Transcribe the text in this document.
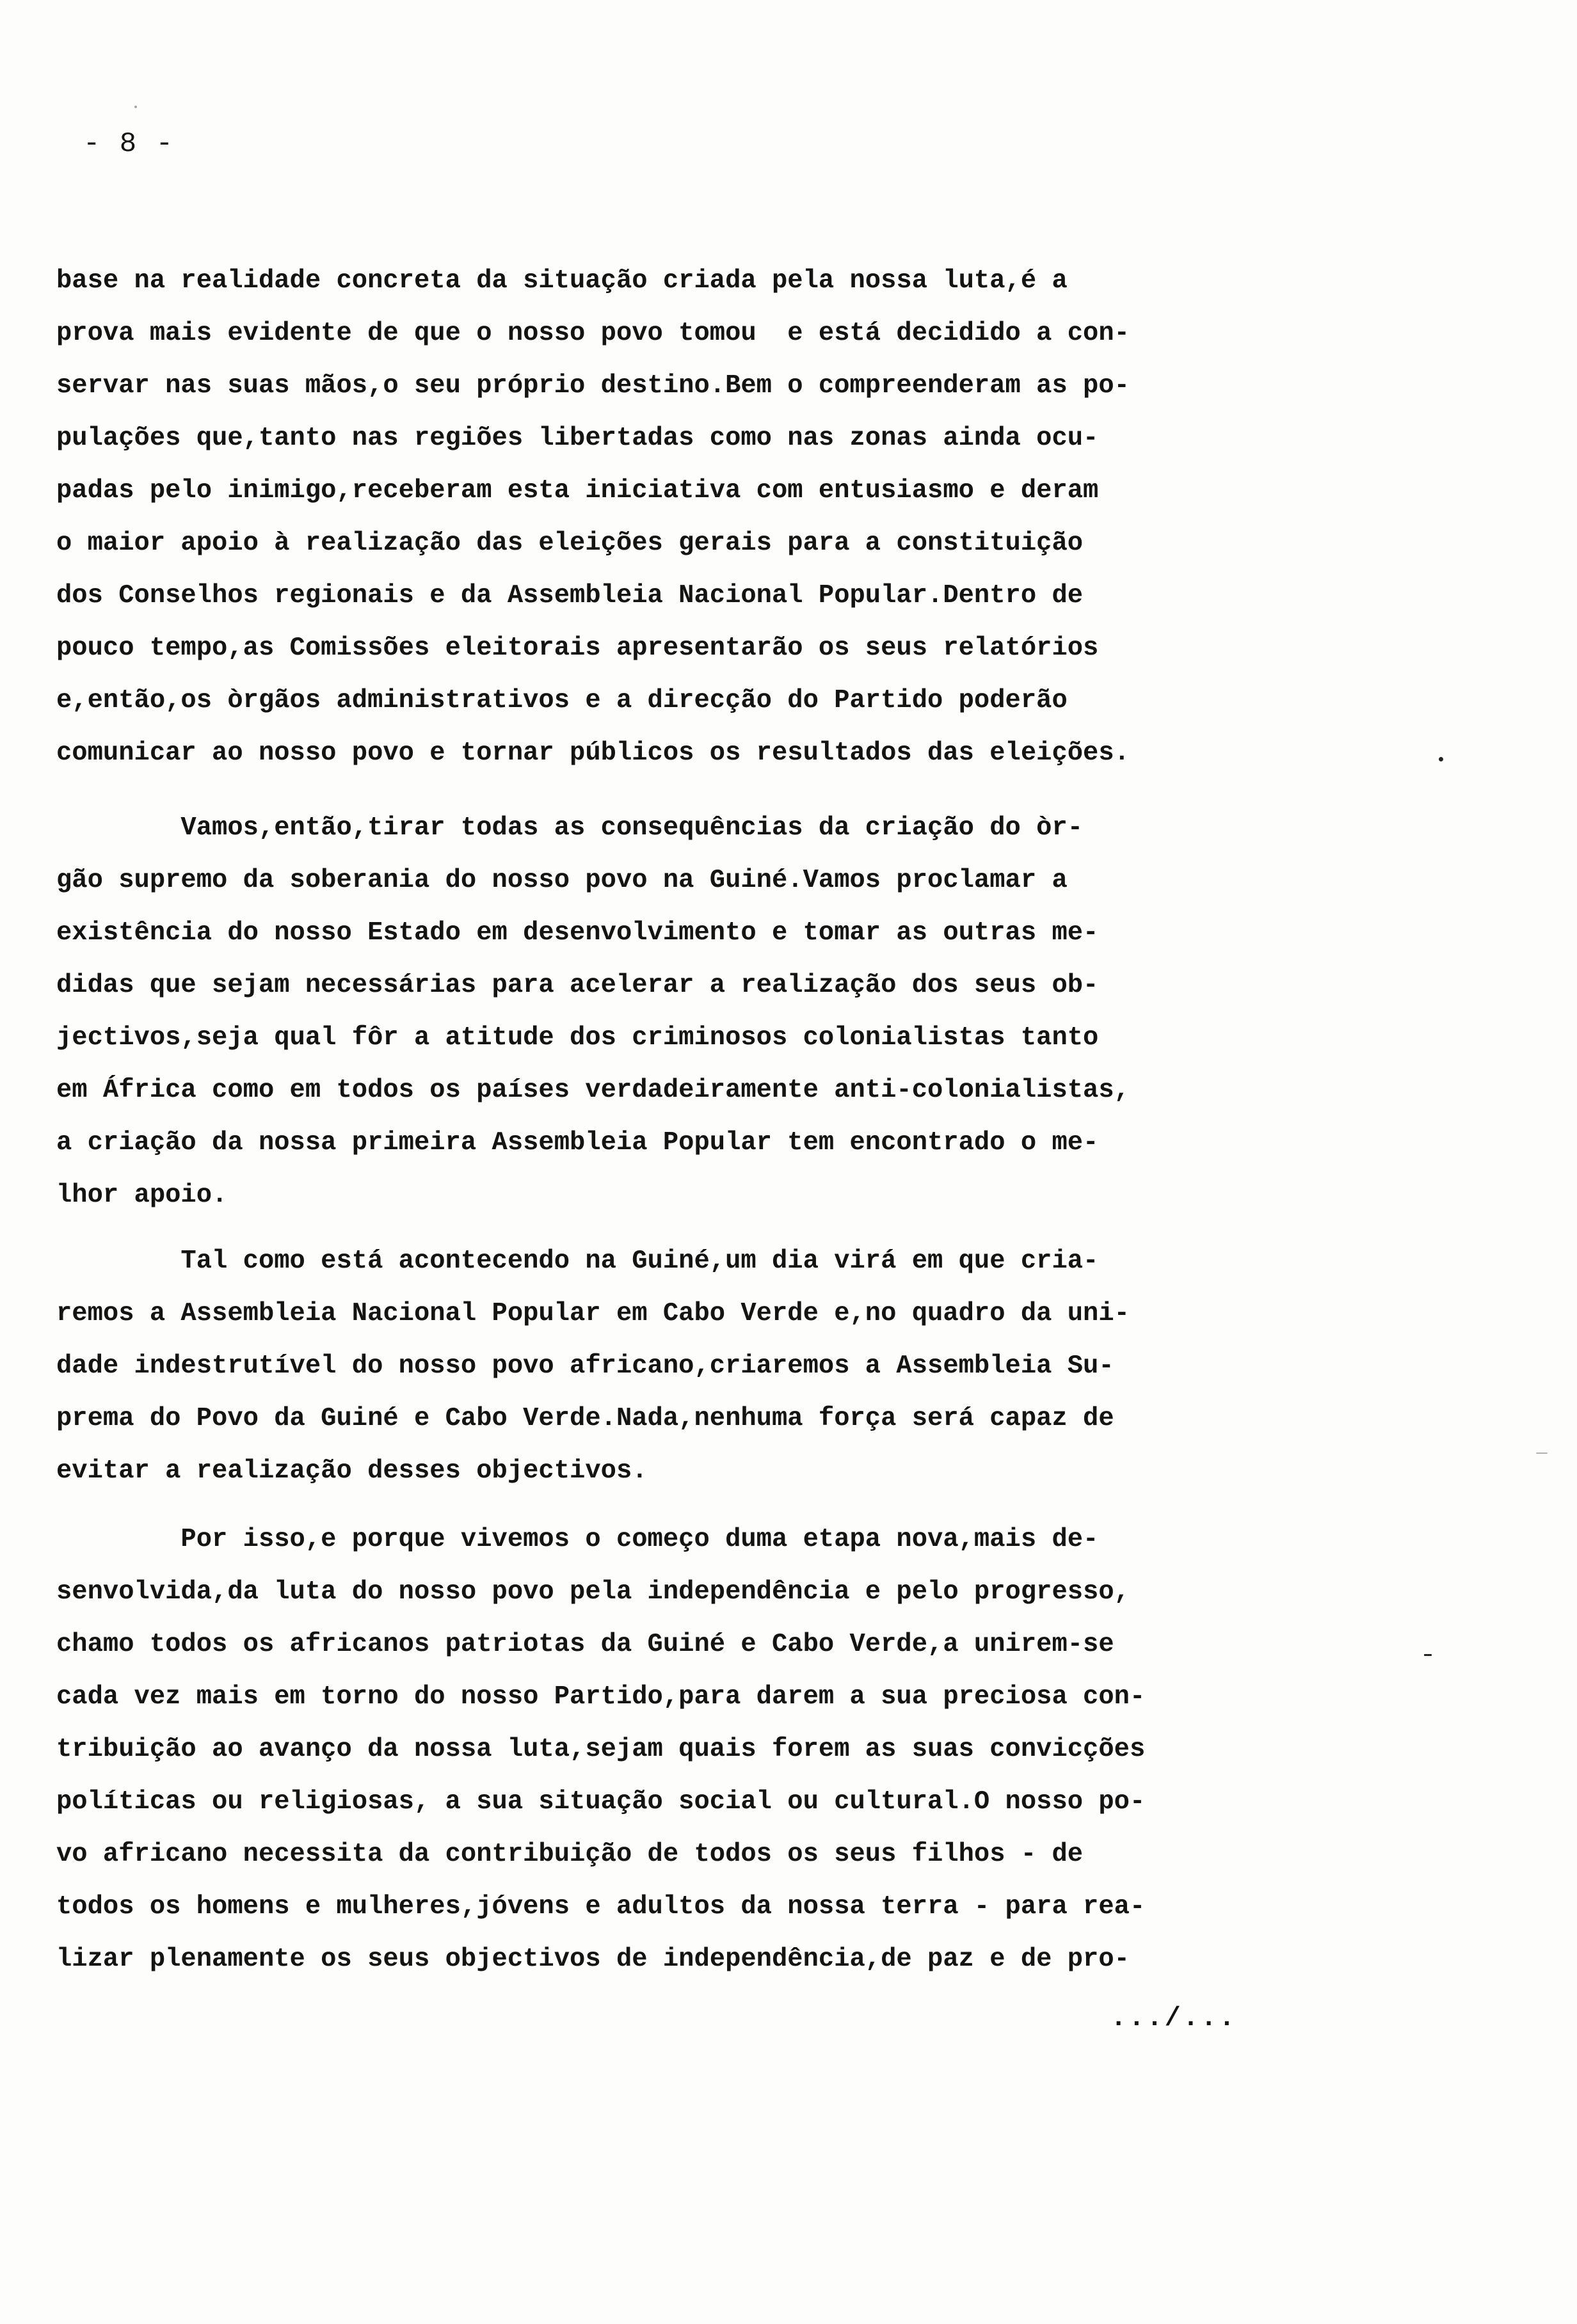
- 8 -
base na realidade concreta da situação criada pela nossa luta,é a
prova mais evidente de que o nosso povo tomou  e está decidido a con-
servar nas suas mãos,o seu próprio destino.Bem o compreenderam as po-
pulações que,tanto nas regiões libertadas como nas zonas ainda ocu-
padas pelo inimigo,receberam esta iniciativa com entusiasmo e deram
o maior apoio à realização das eleições gerais para a constituição
dos Conselhos regionais e da Assembleia Nacional Popular.Dentro de
pouco tempo,as Comissões eleitorais apresentarão os seus relatórios
e,então,os òrgãos administrativos e a direcção do Partido poderão
comunicar ao nosso povo e tornar públicos os resultados das eleições.
Vamos,então,tirar todas as consequências da criação do òr-
gão supremo da soberania do nosso povo na Guiné.Vamos proclamar a
existência do nosso Estado em desenvolvimento e tomar as outras me-
didas que sejam necessárias para acelerar a realização dos seus ob-
jectivos,seja qual fôr a atitude dos criminosos colonialistas tanto
em África como em todos os países verdadeiramente anti-colonialistas,
a criação da nossa primeira Assembleia Popular tem encontrado o me-
lhor apoio.
Tal como está acontecendo na Guiné,um dia virá em que cria-
remos a Assembleia Nacional Popular em Cabo Verde e,no quadro da uni-
dade indestrutível do nosso povo africano,criaremos a Assembleia Su-
prema do Povo da Guiné e Cabo Verde.Nada,nenhuma força será capaz de
evitar a realização desses objectivos.
Por isso,e porque vivemos o começo duma etapa nova,mais de-
senvolvida,da luta do nosso povo pela independência e pelo progresso,
chamo todos os africanos patriotas da Guiné e Cabo Verde,a unirem-se
cada vez mais em torno do nosso Partido,para darem a sua preciosa con-
tribuição ao avanço da nossa luta,sejam quais forem as suas convicções
políticas ou religiosas, a sua situação social ou cultural.O nosso po-
vo africano necessita da contribuição de todos os seus filhos - de
todos os homens e mulheres,jóvens e adultos da nossa terra - para rea-
lizar plenamente os seus objectivos de independência,de paz e de pro-
.../...
